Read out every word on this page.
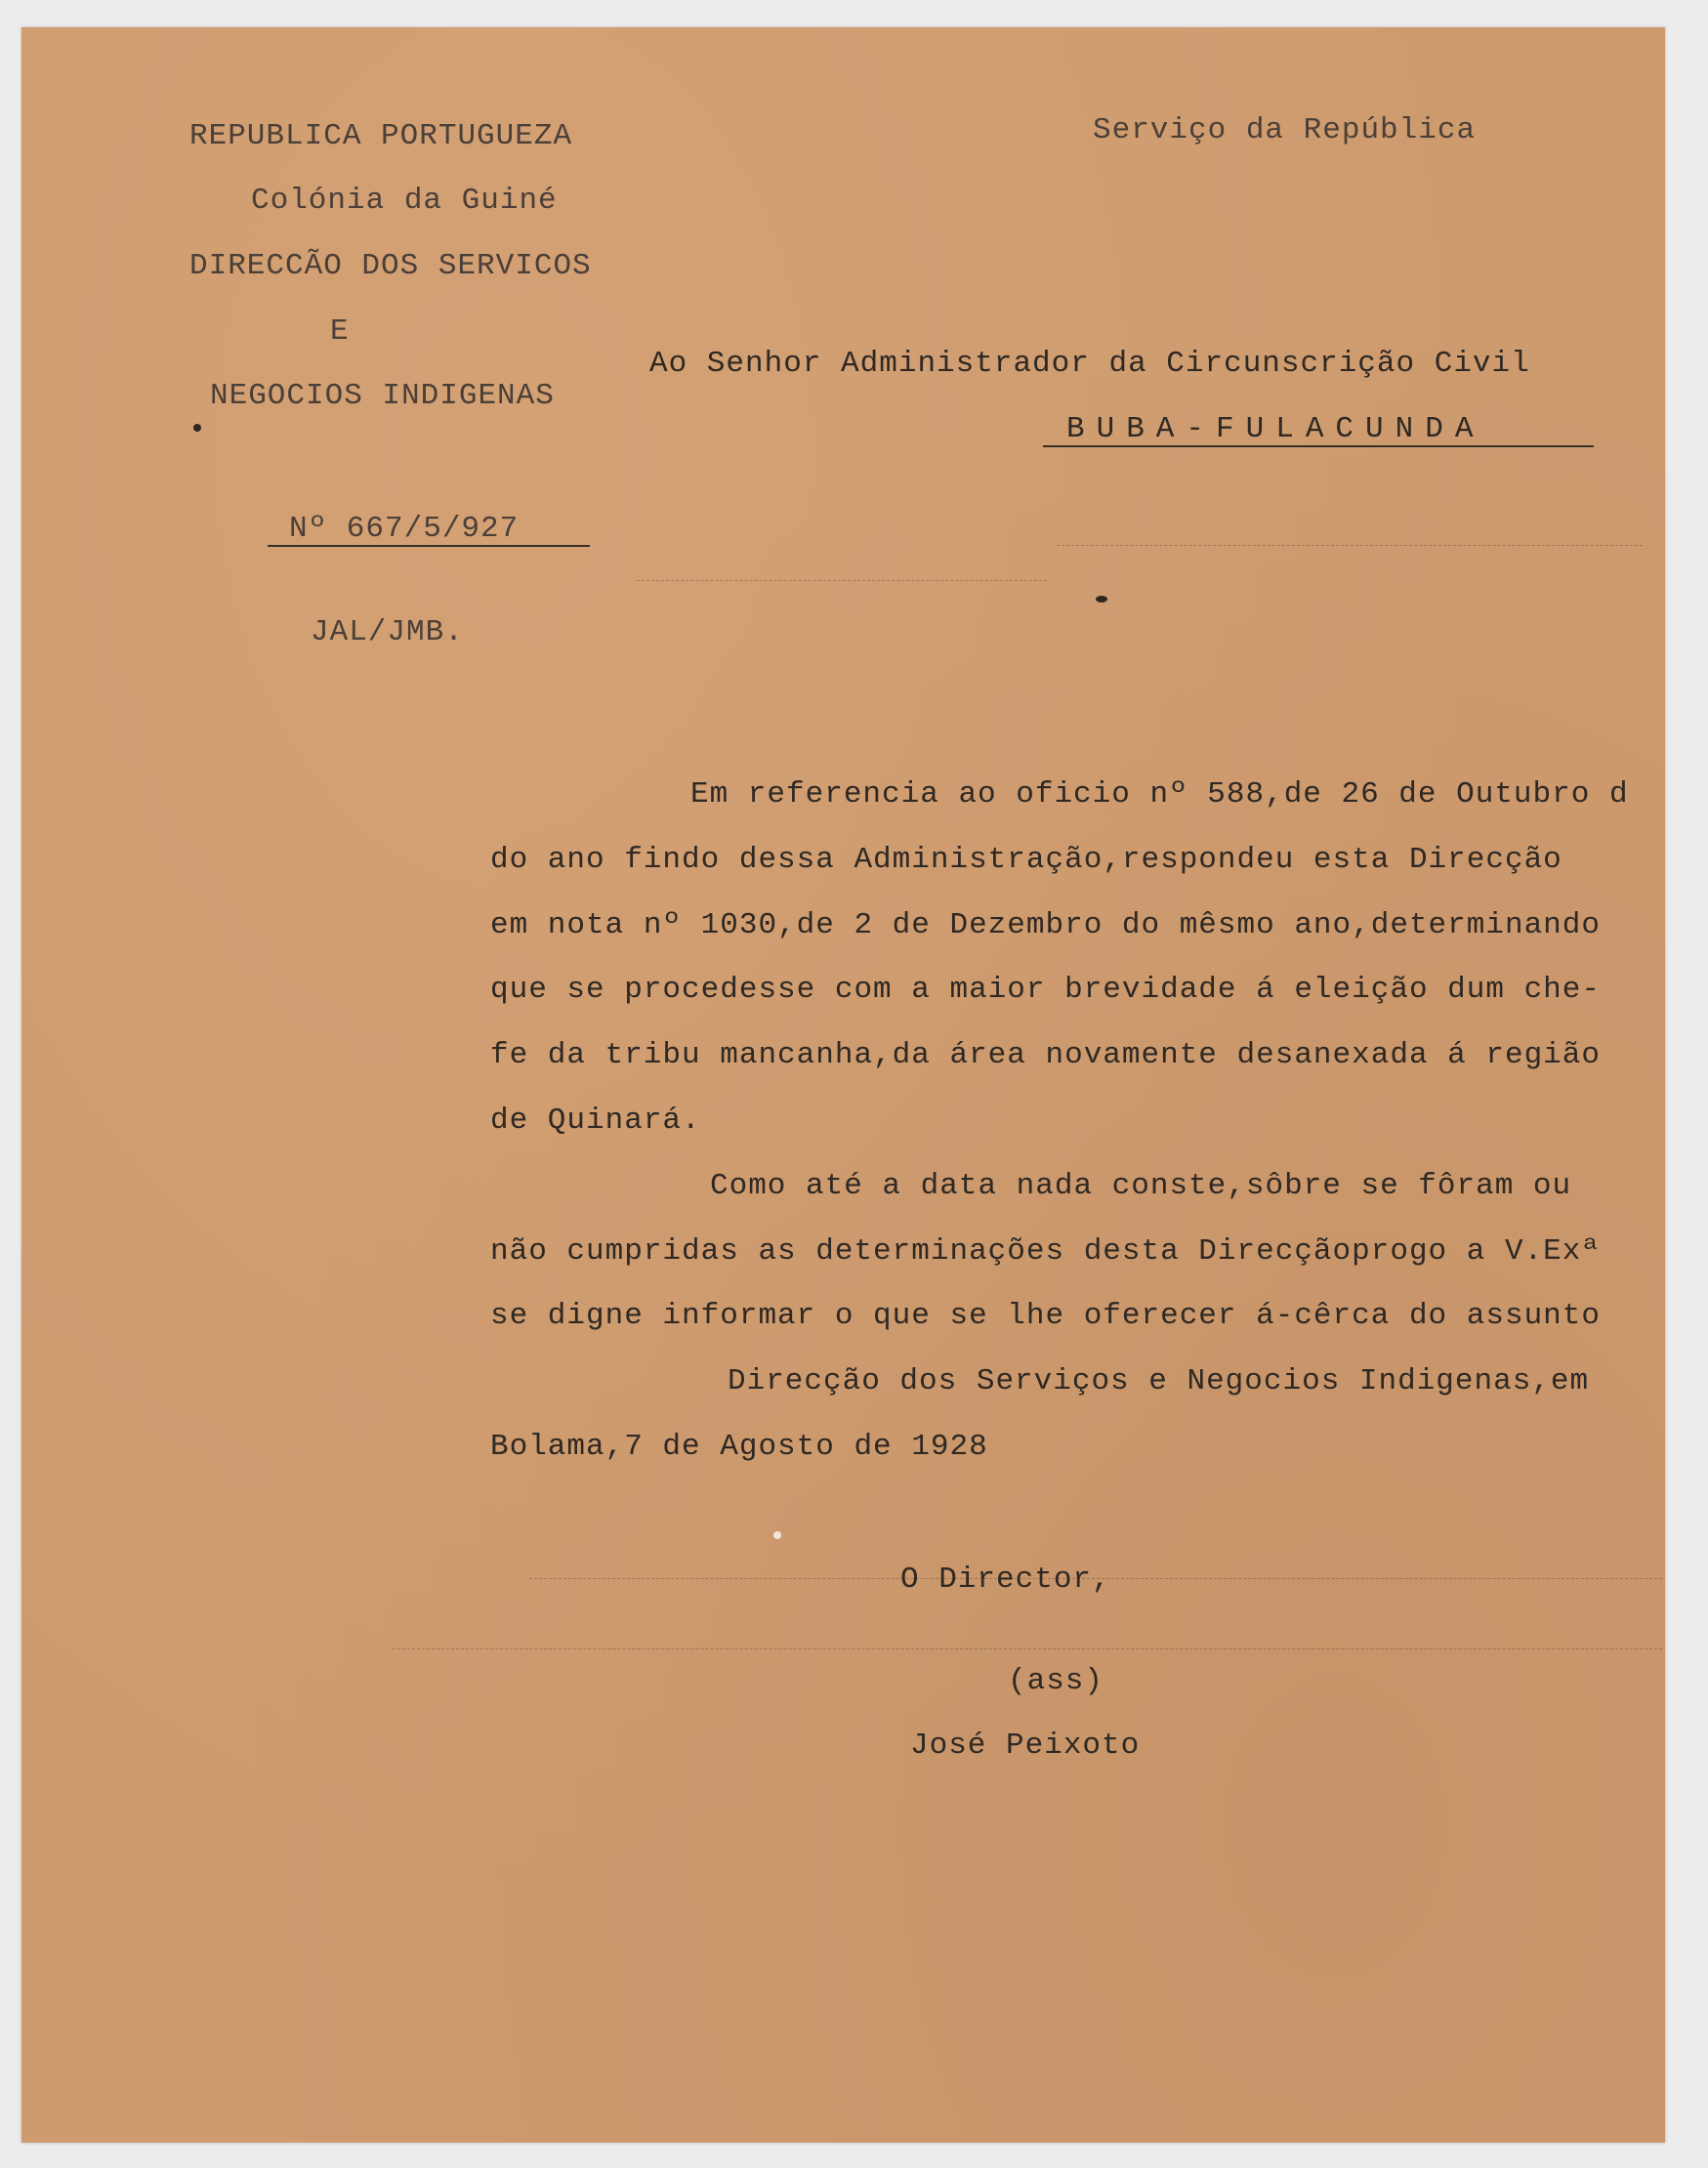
REPUBLICA PORTUGUEZA
Colónia da Guiné
DIRECCÃO DOS SERVICOS
E
NEGOCIOS INDIGENAS
Serviço da República
Nº 667/5/927
JAL/JMB.
Ao Senhor Administrador da Circunscrição Civil
BUBA-FULACUNDA
Em referencia ao oficio nº 588,de 26 de Outubro d
do ano findo dessa Administração,respondeu esta Direcção
em nota nº 1030,de 2 de Dezembro do mêsmo ano,determinando
que se procedesse com a maior brevidade á eleição dum che-
fe da tribu mancanha,da área novamente desanexada á região
de Quinará.
Como até a data nada conste,sôbre se fôram ou
não cumpridas as determinações desta Direcçãoprogo a V.Exª
se digne informar o que se lhe oferecer á-cêrca do assunto
Direcção dos Serviços e Negocios Indigenas,em
Bolama,7 de Agosto de 1928
O Director,
(ass)
José Peixoto
